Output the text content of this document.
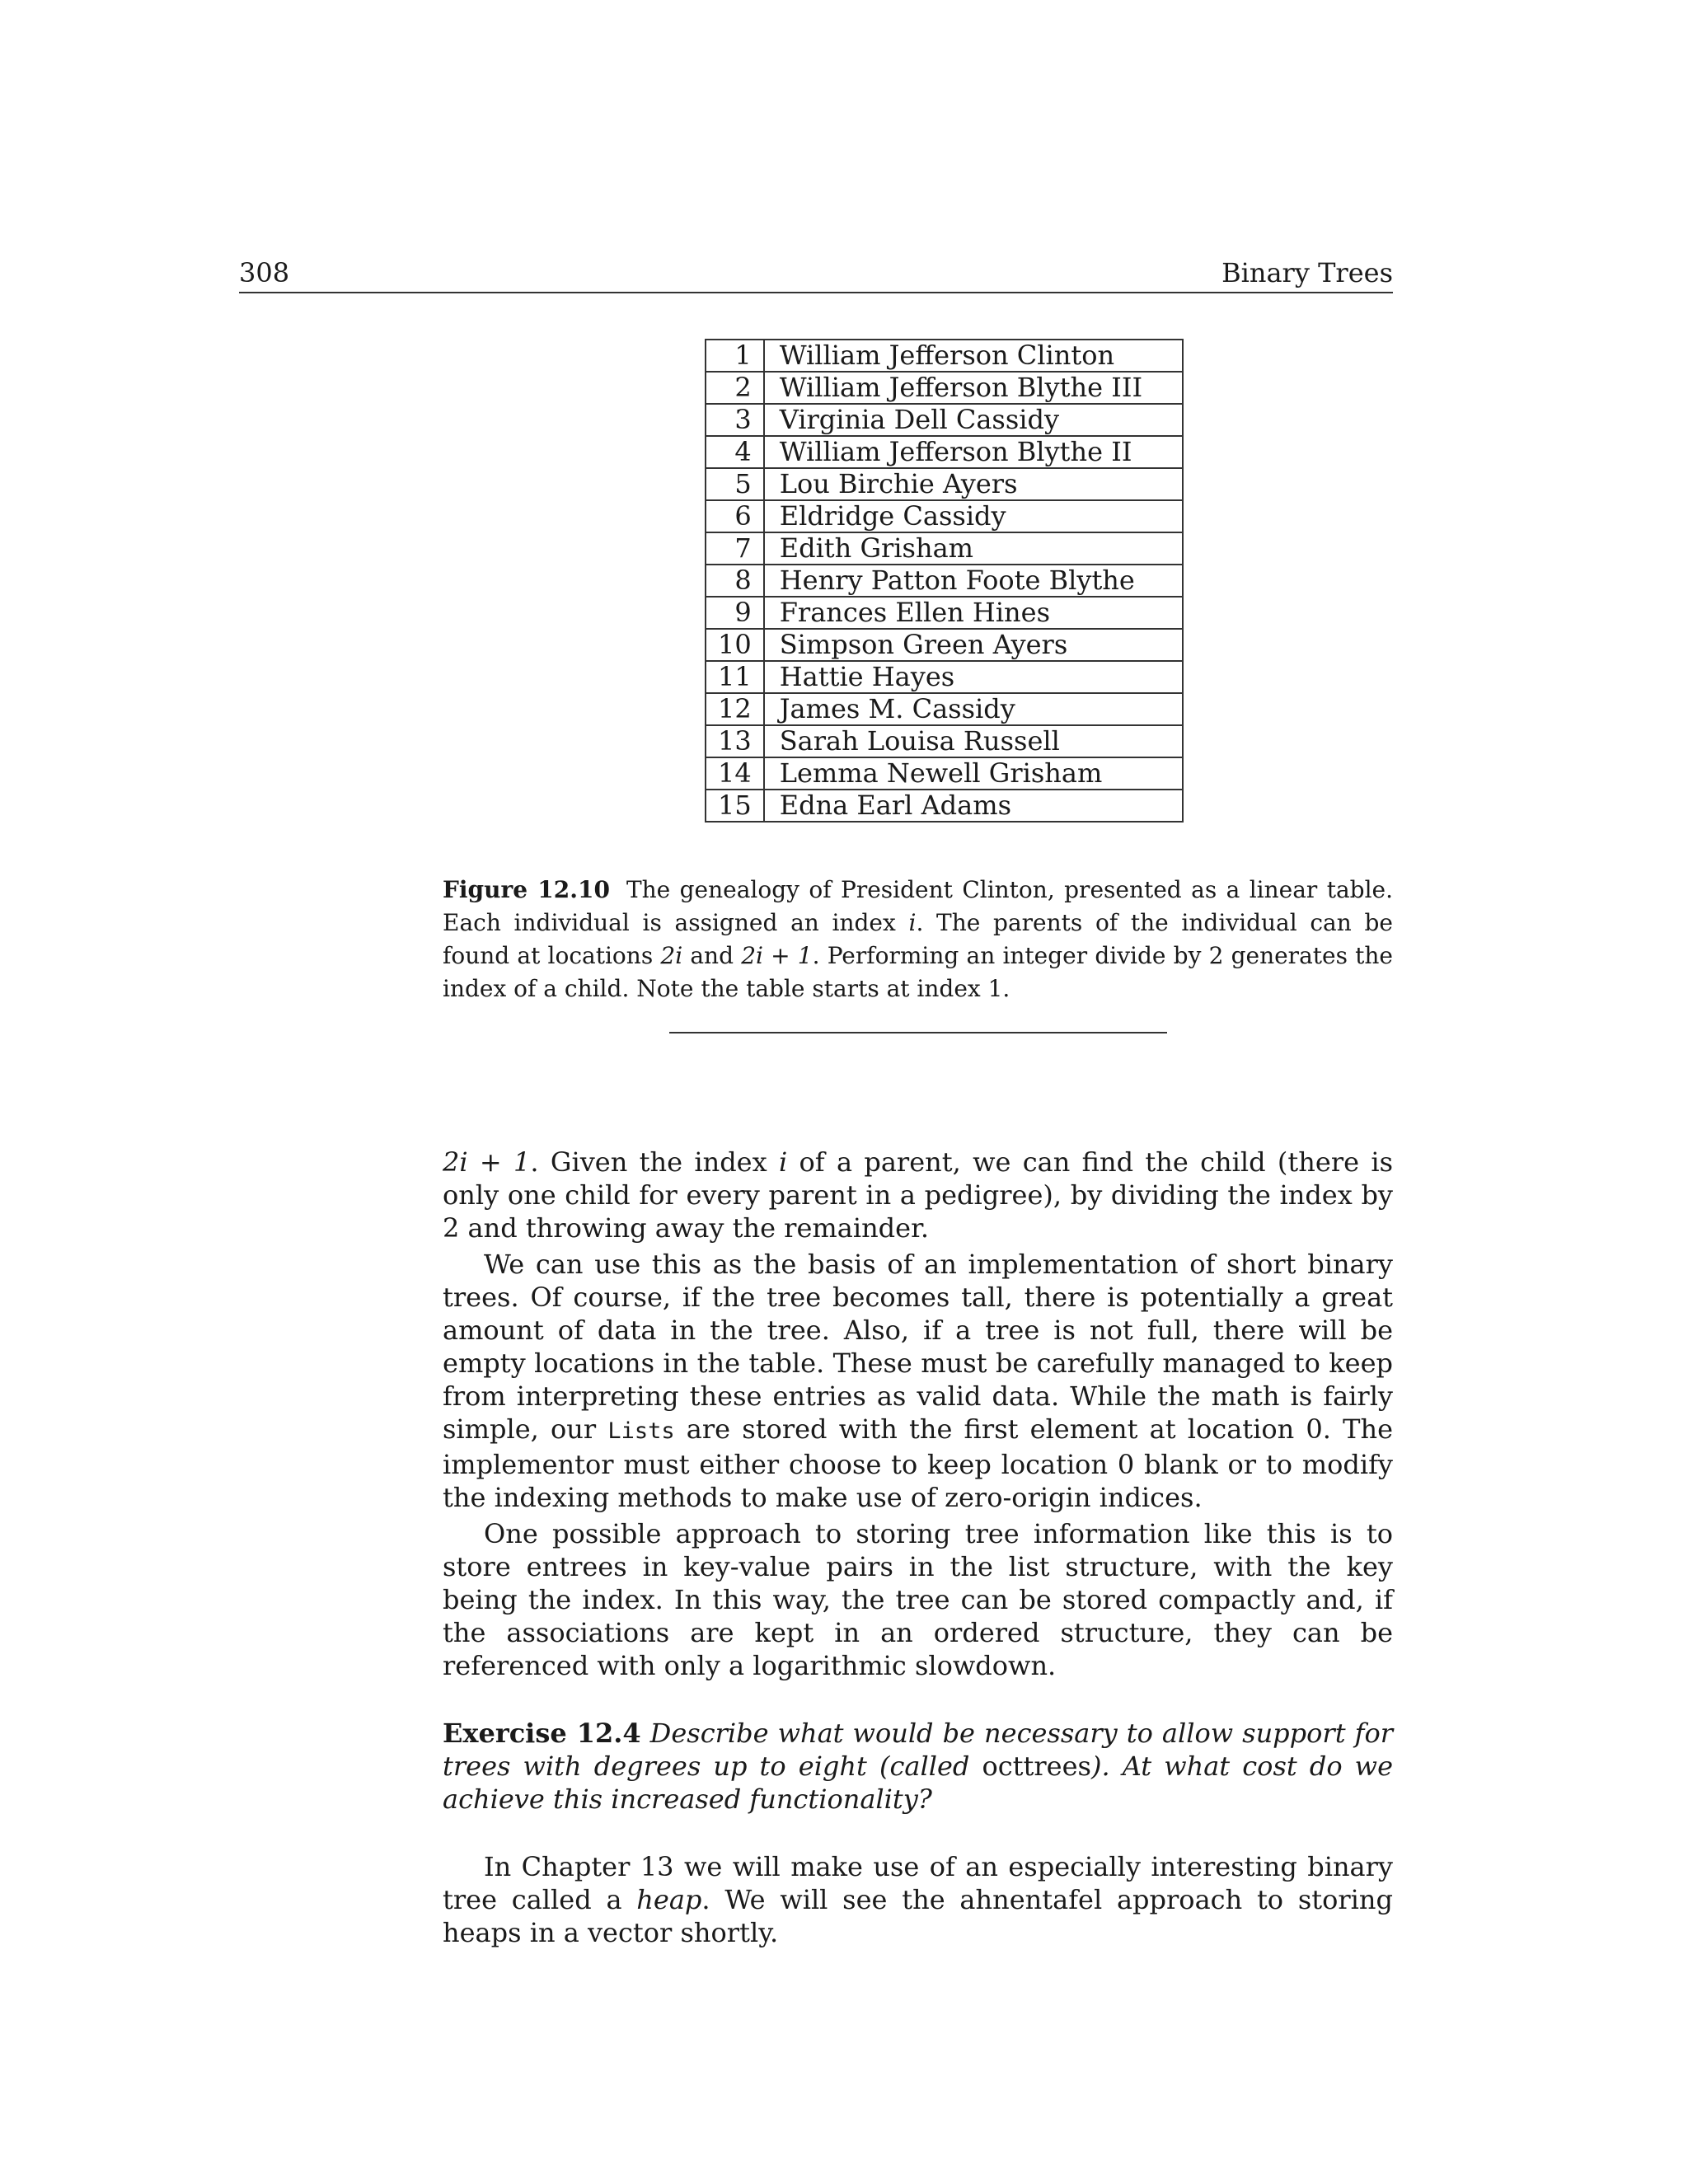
308	Binary Trees
1	William Jefferson Clinton
2	William Jefferson Blythe III
3	Virginia Dell Cassidy
4	William Jefferson Blythe II
5	Lou Birchie Ayers
6	Eldridge Cassidy
7	Edith Grisham
8	Henry Patton Foote Blythe
9	Frances Ellen Hines
10	Simpson Green Ayers
11	Hattie Hayes
12	James M. Cassidy
13	Sarah Louisa Russell
14	Lemma Newell Grisham
15	Edna Earl Adams
Figure 12.10 The genealogy of President Clinton, presented as a linear table. Each individual is assigned an index i. The parents of the individual can be found at locations 2i and 2i + 1. Performing an integer divide by 2 generates the index of a child. Note the table starts at index 1.

2i + 1. Given the index i of a parent, we can find the child (there is only one child for every parent in a pedigree), by dividing the index by 2 and throwing away the remainder.

We can use this as the basis of an implementation of short binary trees. Of course, if the tree becomes tall, there is potentially a great amount of data in the tree. Also, if a tree is not full, there will be empty locations in the table. These must be carefully managed to keep from interpreting these entries as valid data. While the math is fairly simple, our Lists are stored with the first element at location 0. The implementor must either choose to keep location 0 blank or to modify the indexing methods to make use of zero-origin indices.

One possible approach to storing tree information like this is to store entrees in key-value pairs in the list structure, with the key being the index. In this way, the tree can be stored compactly and, if the associations are kept in an ordered structure, they can be referenced with only a logarithmic slowdown.

Exercise 12.4 Describe what would be necessary to allow support for trees with degrees up to eight (called octtrees). At what cost do we achieve this increased functionality?

In Chapter 13 we will make use of an especially interesting binary tree called a heap. We will see the ahnentafel approach to storing heaps in a vector shortly.
